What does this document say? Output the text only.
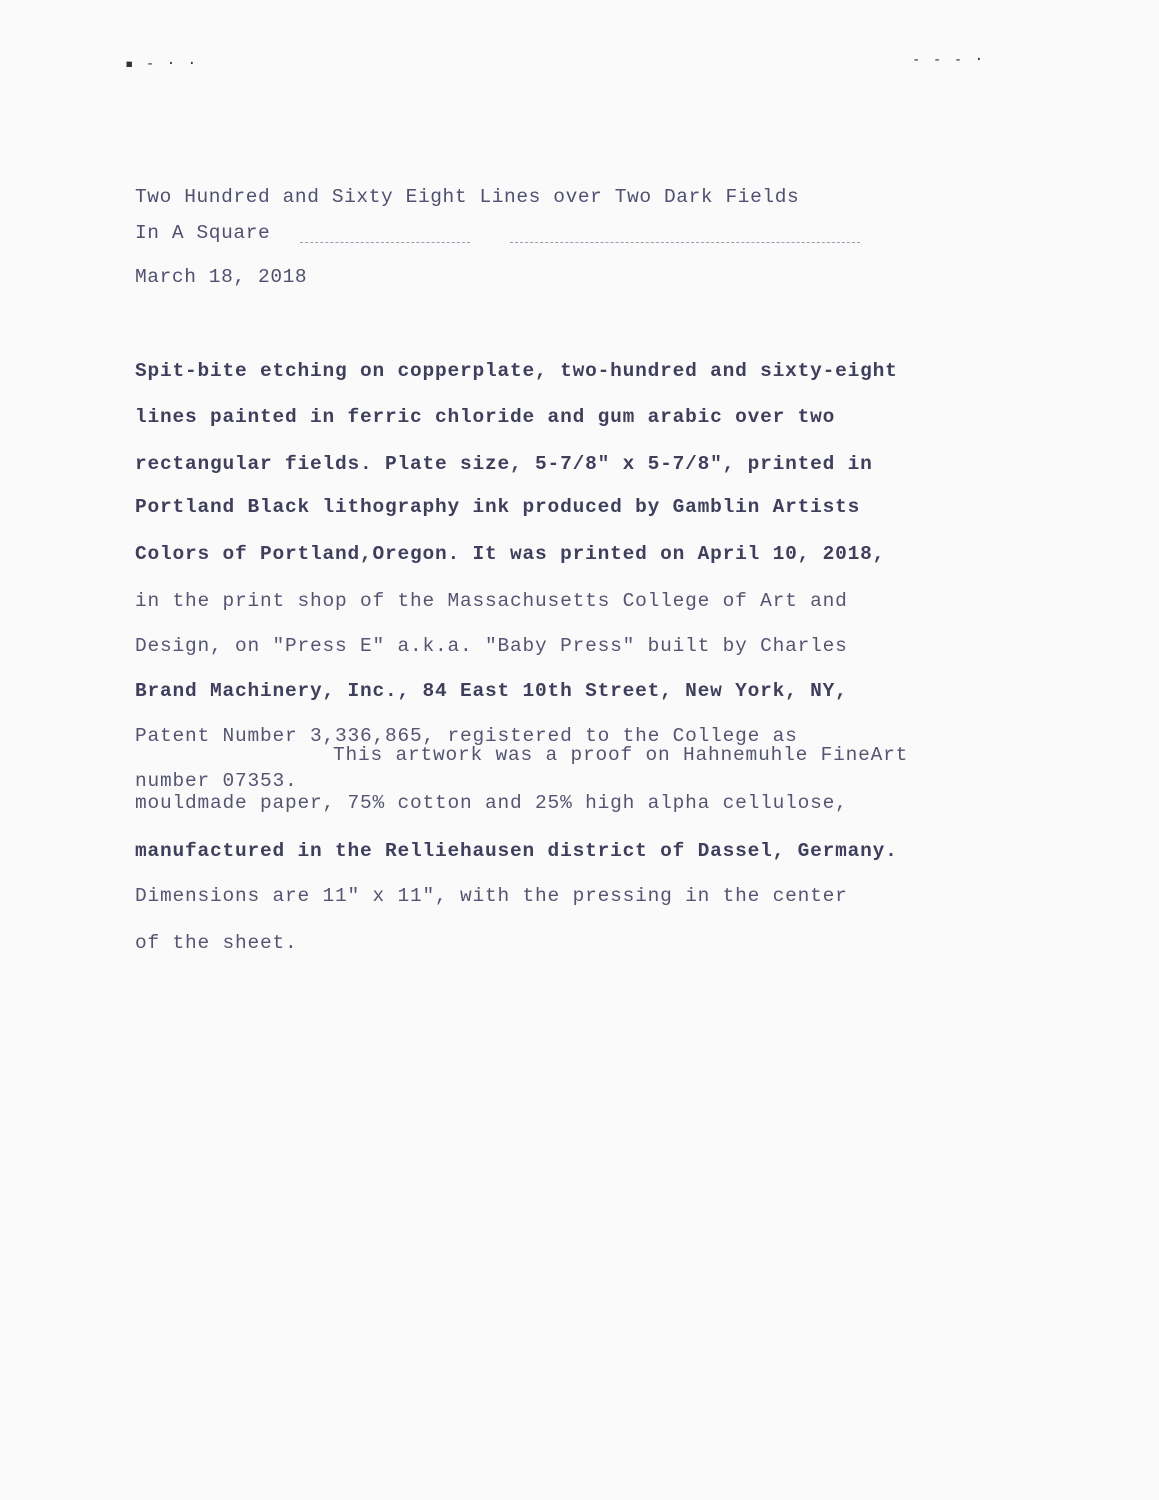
▪ - · ·	- - - ·
Two Hundred and Sixty Eight Lines over Two Dark Fields
In A Square
March 18, 2018
Spit-bite etching on copperplate, two-hundred and sixty-eight
lines painted in ferric chloride and gum arabic over two
rectangular fields. Plate size, 5-7/8" x 5-7/8", printed in
Portland Black lithography ink produced by Gamblin Artists
Colors of Portland,Oregon. It was printed on April 10, 2018,
in the print shop of the Massachusetts College of Art and
Design, on "Press E" a.k.a. "Baby Press" built by Charles
Brand Machinery, Inc., 84 East 10th Street, New York, NY,
Patent Number 3,336,865, registered to the College as
This artwork was a proof on Hahnemuhle FineArt
number 07353.
mouldmade paper, 75% cotton and 25% high alpha cellulose,
manufactured in the Relliehausen district of Dassel, Germany.
Dimensions are 11" x 11", with the pressing in the center
of the sheet.
